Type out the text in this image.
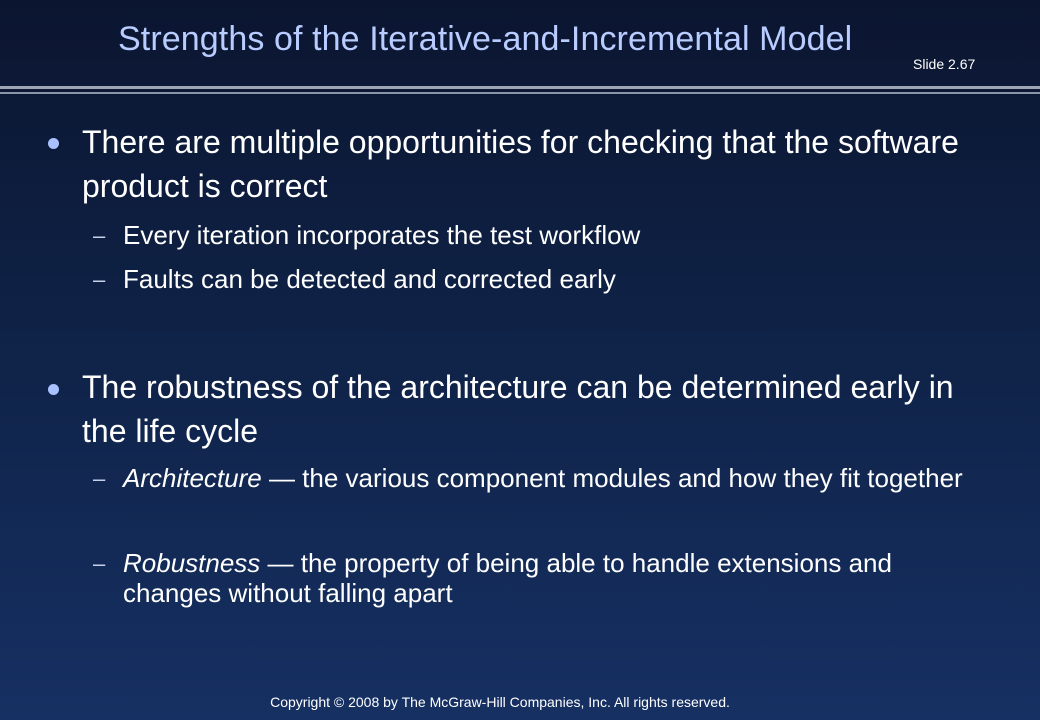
Strengths of the Iterative-and-Incremental Model
Slide 2.67

There are multiple opportunities for checking that the software product is correct

– Every iteration incorporates the test workflow

– Faults can be detected and corrected early

The robustness of the architecture can be determined early in the life cycle

– Architecture — the various component modules and how they fit together

– Robustness — the property of being able to handle extensions and changes without falling apart

Copyright © 2008 by The McGraw-Hill Companies, Inc. All rights reserved.
